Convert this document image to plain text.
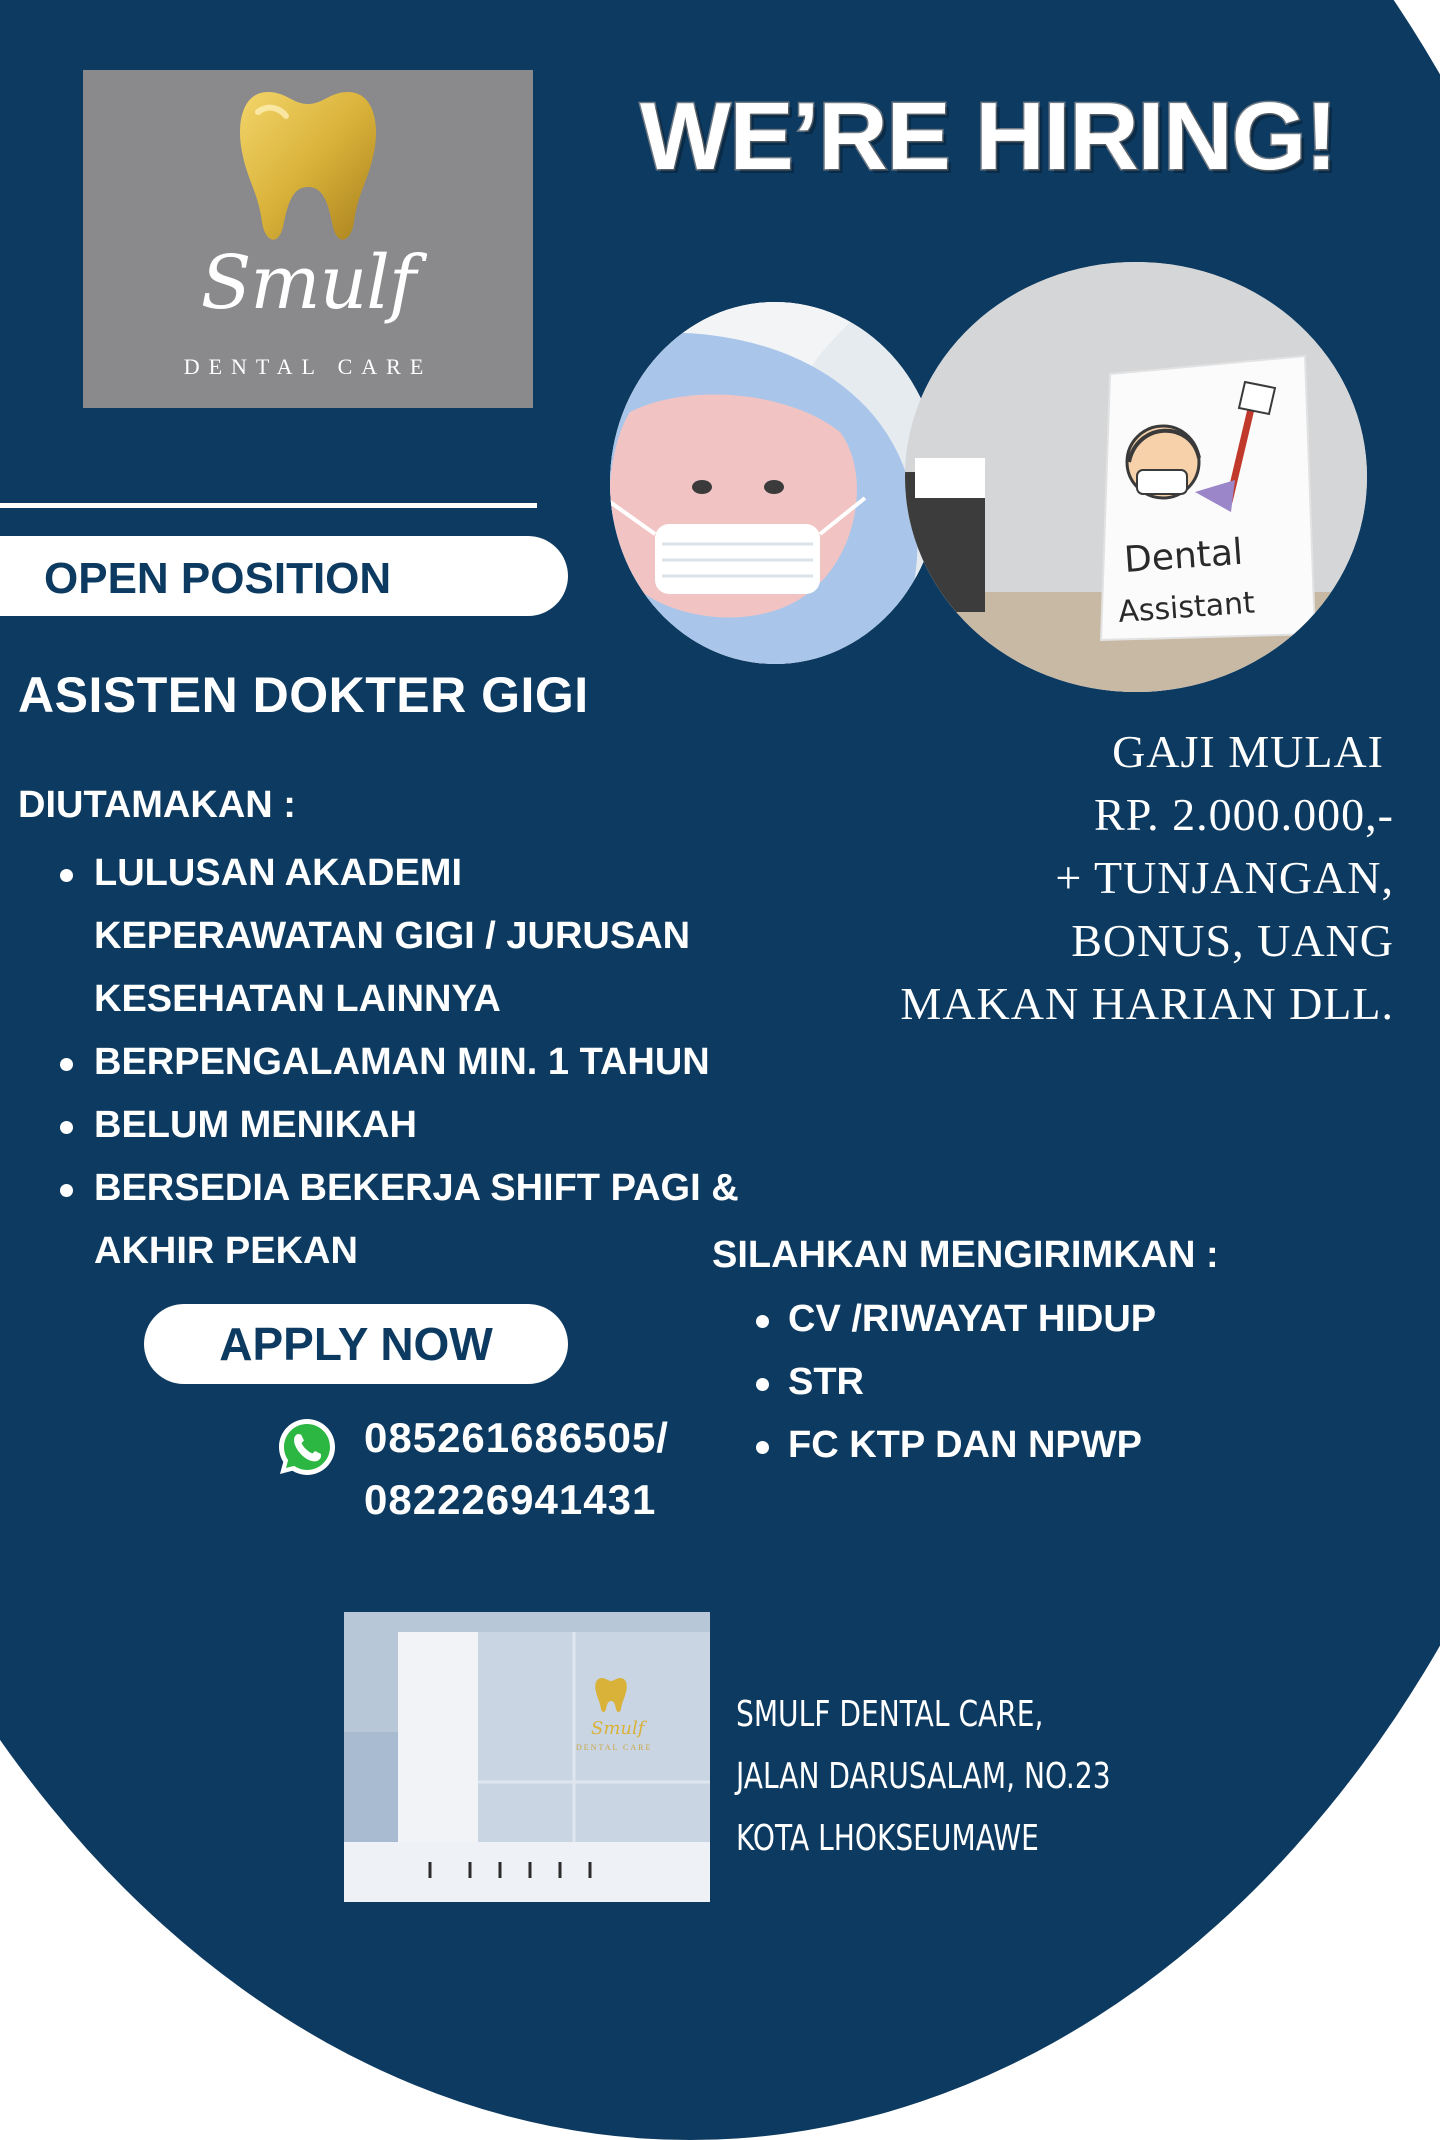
Smulf
DENTAL CARE
WE’RE HIRING!
Dental
Assistant
OPEN POSITION
ASISTEN DOKTER GIGI
DIUTAMAKAN :
LULUSAN AKADEMI KEPERAWATAN GIGI / JURUSAN KESEHATAN LAINNYA
BERPENGALAMAN MIN. 1 TAHUN
BELUM MENIKAH
BERSEDIA BEKERJA SHIFT PAGI & AKHIR PEKAN
GAJI MULAI
RP. 2.000.000,-
+ TUNJANGAN,
BONUS, UANG
MAKAN HARIAN DLL.
SILAHKAN MENGIRIMKAN :
CV /RIWAYAT HIDUP
STR
FC KTP DAN NPWP
APPLY NOW
085261686505/
082226941431
Smulf
DENTAL CARE
SMULF DENTAL CARE,
JALAN DARUSALAM, NO.23
KOTA LHOKSEUMAWE
